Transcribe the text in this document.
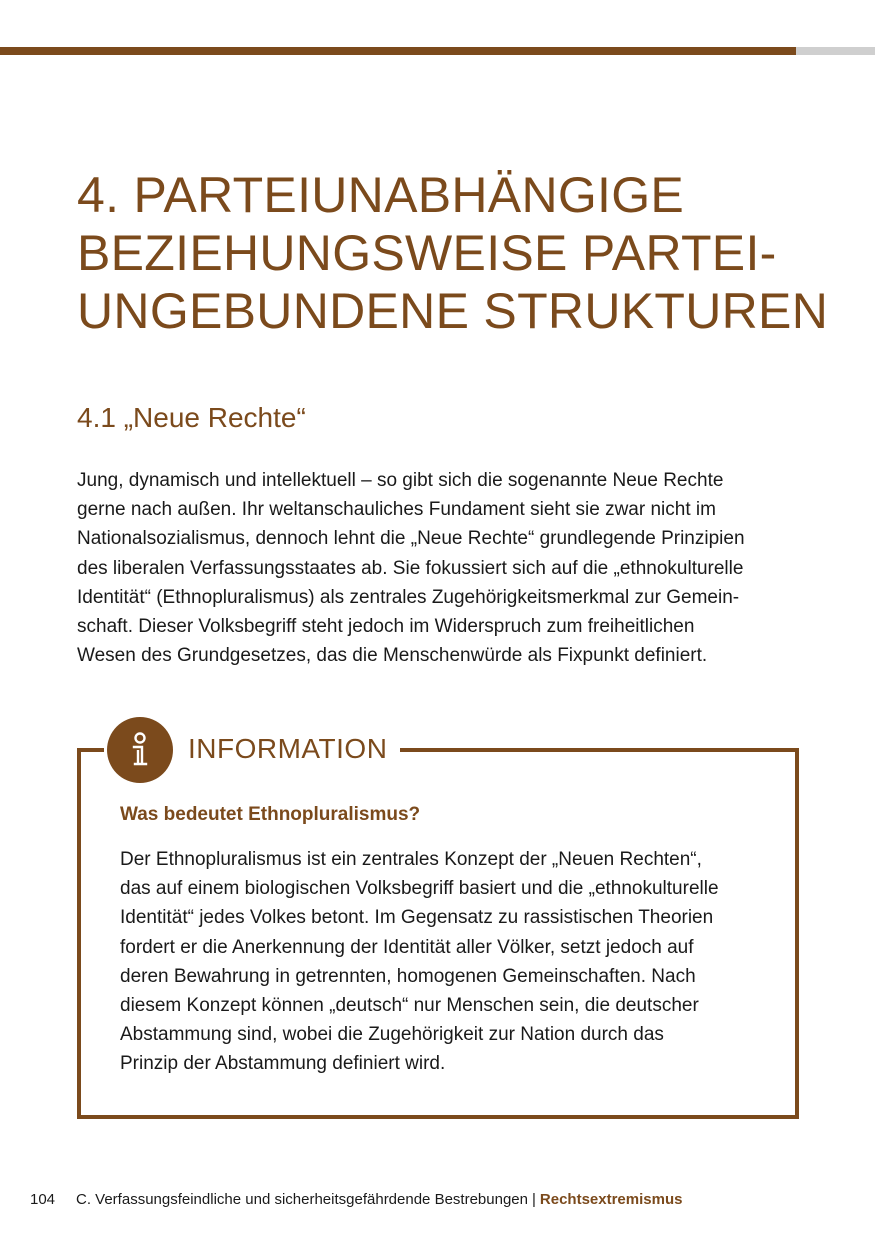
4. PARTEIUNABHÄNGIGE
BEZIEHUNGSWEISE PARTEI-
UNGEBUNDENE STRUKTUREN
4.1 „Neue Rechte“
Jung, dynamisch und intellektuell – so gibt sich die sogenannte Neue Rechte
gerne nach außen. Ihr weltanschauliches Fundament sieht sie zwar nicht im
Nationalsozialismus, dennoch lehnt die „Neue Rechte“ grundlegende Prinzipien
des liberalen Verfassungsstaates ab. Sie fokussiert sich auf die „ethnokulturelle
Identität“ (Ethnopluralismus) als zentrales Zugehörigkeitsmerkmal zur Gemein-
schaft. Dieser Volksbegriff steht jedoch im Widerspruch zum freiheitlichen
Wesen des Grundgesetzes, das die Menschenwürde als Fixpunkt definiert.
INFORMATION
Was bedeutet Ethnopluralismus?
Der Ethnopluralismus ist ein zentrales Konzept der „Neuen Rechten“,
das auf einem biologischen Volksbegriff basiert und die „ethnokulturelle
Identität“ jedes Volkes betont. Im Gegensatz zu rassistischen Theorien
fordert er die Anerkennung der Identität aller Völker, setzt jedoch auf
deren Bewahrung in getrennten, homogenen Gemeinschaften. Nach
diesem Konzept können „deutsch“ nur Menschen sein, die deutscher
Abstammung sind, wobei die Zugehörigkeit zur Nation durch das
Prinzip der Abstammung definiert wird.
104 C. Verfassungsfeindliche und sicherheitsgefährdende Bestrebungen | Rechtsextremismus
